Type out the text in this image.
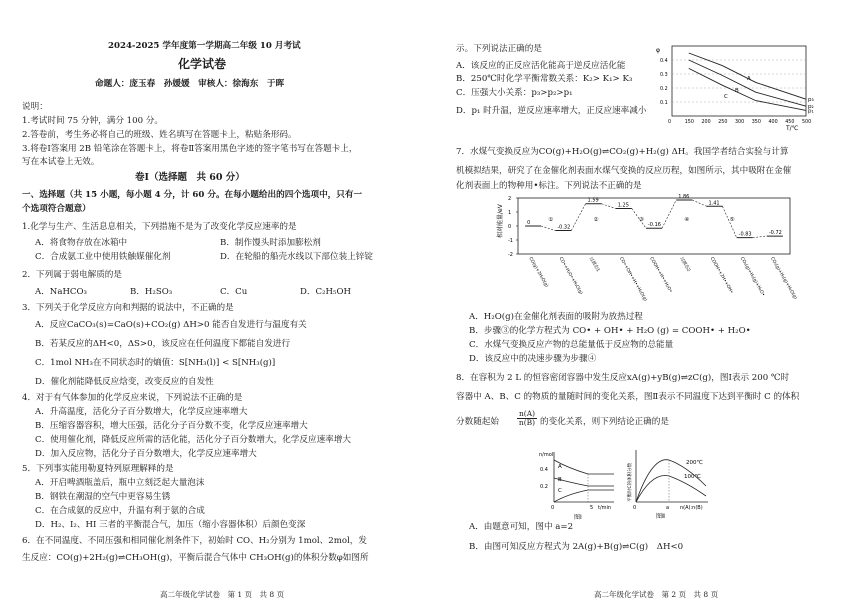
2024-2025 学年度第一学期高二年级 10 月考试
化学试卷
命题人：庞玉春　孙媛媛　审核人：徐海东　于晖
说明：
1.考试时间 75 分钟，满分 100 分。
2.答卷前，考生务必将自己的班级、姓名填写在答题卡上，粘贴条形码。
3.将卷Ⅰ答案用 2B 铅笔涂在答题卡上，将卷Ⅱ答案用黑色字迹的签字笔书写在答题卡上，
写在本试卷上无效。
卷Ⅰ（选择题　共 60 分）
一、选择题（共 15 小题，每小题 4 分，计 60 分。在每小题给出的四个选项中，只有一
个选项符合题意）
1.化学与生产、生活息息相关，下列措施不是为了改变化学反应速率的是
A．将食物存放在冰箱中	B．制作馒头时添加膨松剂
C．合成氨工业中使用铁触媒催化剂	D．在轮船的船壳水线以下部位装上锌锭
2．下列属于弱电解质的是
A．NaHCO₃	B．H₂SO₃	C．Cu	D．C₂H₅OH
3．下列关于化学反应方向和判据的说法中，不正确的是
A．反应CaCO₃(s)=CaO(s)+CO₂(g) ΔH>0 能否自发进行与温度有关
B．若某反应的ΔH<0，ΔS>0，该反应在任何温度下都能自发进行
C．1mol NH₃在不同状态时的熵值：S[NH₃(l)] < S[NH₃(g)]
D．催化剂能降低反应焓变，改变反应的自发性
4．对于有气体参加的化学反应来说，下列说法不正确的是
A．升高温度，活化分子百分数增大，化学反应速率增大
B．压缩容器容积，增大压强，活化分子百分数不变，化学反应速率增大
C．使用催化剂，降低反应所需的活化能，活化分子百分数增大，化学反应速率增大
D．加入反应物，活化分子百分数增大，化学反应速率增大
5．下列事实能用勒夏特列原理解释的是
A．开启啤酒瓶盖后，瓶中立刻泛起大量泡沫
B．钢铁在潮湿的空气中更容易生锈
C．在合成氨的反应中，升温有利于氨的合成
D．H₂、I₂、HI 三者的平衡混合气，加压（缩小容器体积）后颜色变深
6．在不同温度、不同压强和相同催化剂条件下，初始时 CO、H₂分别为 1mol、2mol，发
生反应：CO(g)+2H₂(g)⇌CH₃OH(g)，平衡后混合气体中 CH₃OH(g)的体积分数φ如图所
高二年级化学试卷　第 1 页　共 8 页
示。下列说法正确的是
A．该反应的正反应活化能高于逆反应活化能
B．250℃时化学平衡常数关系：K₂> K₁> K₃
C．压强大小关系：p₃>p₂>p₁
D．p₁ 时升温，逆反应速率增大，正反应速率减小
p₃
p₂
p₁
0	150 200 250 300 350 400 450 500
0.4
0.3
0.2
0.1
T/℃
φ
A
B
C
7．水煤气变换反应为CO(g)+H₂O(g)⇌CO₂(g)+H₂(g) ΔH。我国学者结合实验与计算
机模拟结果，研究了在金催化剂表面水煤气变换的反应历程，如图所示，其中吸附在金催
化剂表面上的物种用•标注。下列说法不正确的是
2
1
0
-1
-2
0
-0.32
1.59
1.25
-0.16
1.86
1.41
-0.83	-0.72
①	②	③	④	⑤
CO(g)+2H₂O(g) CO•+H₂O•+H₂O(g) 过渡态1	CO•+OH•+H•+H₂O(g) COOH•+H•+H₂O• 过渡态2	COOH•+2H•+OH• CO₂(g)+H₂(g)+H₂O• CO₂(g)+H₂(g)+H₂O(g)
相对能量/eV
A．H₂O(g)在金催化剂表面的吸附为放热过程
B．步骤③的化学方程式为 CO• + OH• + H₂O (g) = COOH• + H₂O•
C．水煤气变换反应产物的总能量低于反应物的总能量
D．该反应中的决速步骤为步骤④
8．在容积为 2 L 的恒容密闭容器中发生反应xA(g)+yB(g)⇌zC(g)，图Ⅰ表示 200 ℃时
容器中 A、B、C 的物质的量随时间的变化关系，图Ⅱ表示不同温度下达到平衡时 C 的体积
分数随起始 $\frac{n(A)}{n(B)}$ 的变化关系，则下列结论正确的是
n/mol
0.4
0.2
0	5 t/min
A
B
C
图Ⅰ
平衡时C的体积分数
0	a n(A):n(B)
200℃
100℃
图Ⅱ
A．由题意可知，图中 a=2
B．由图可知反应方程式为 2A(g)+B(g)⇌C(g)　ΔH<0
高二年级化学试卷　第 2 页　共 8 页
